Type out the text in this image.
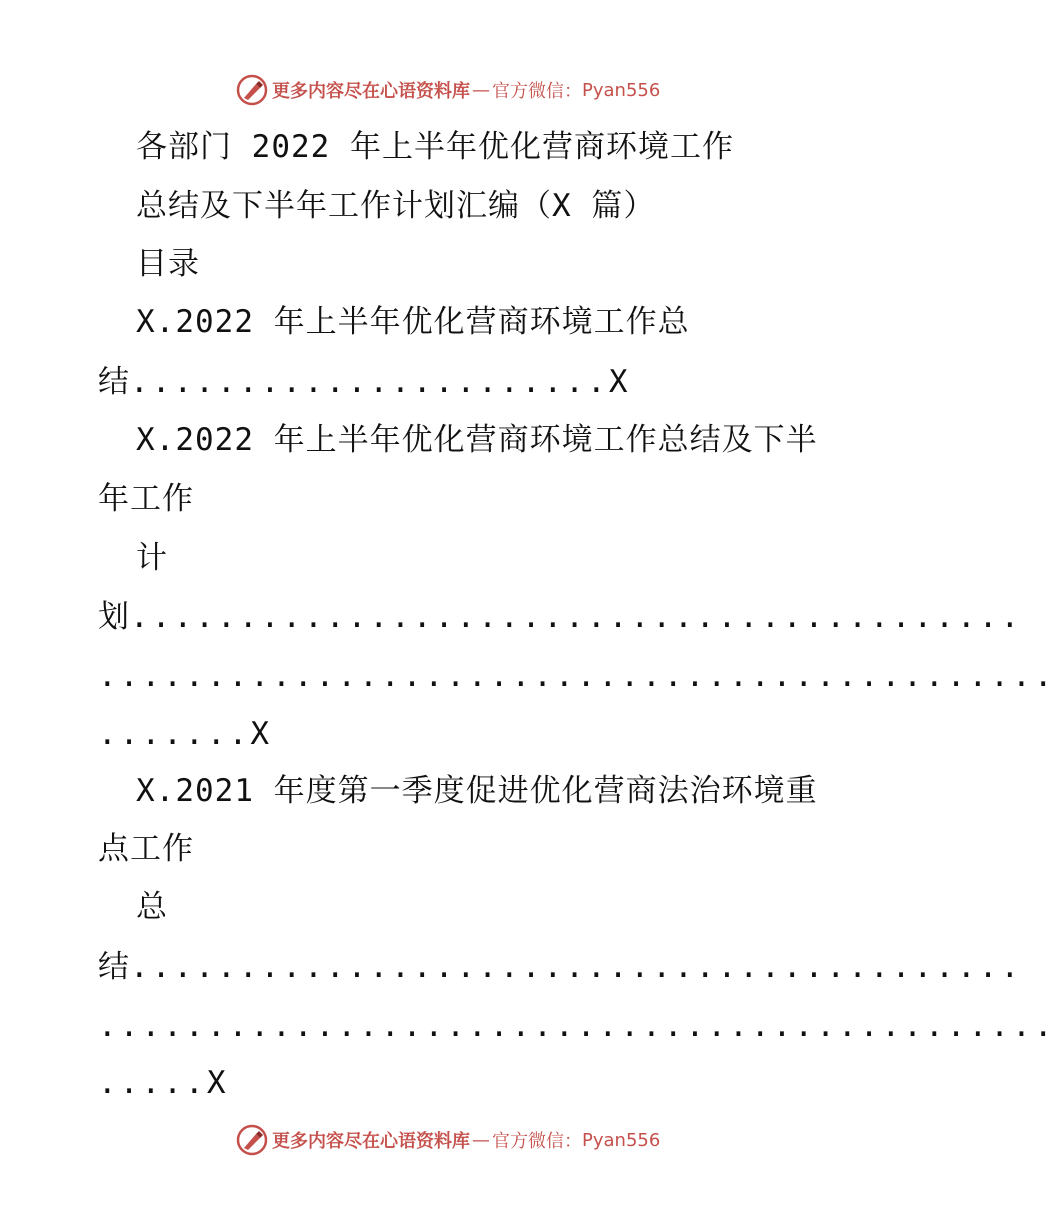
更多内容尽在心语资料库 — 官方微信： Pyan556
各部门 2022 年上半年优化营商环境工作
总结及下半年工作计划汇编（X 篇）
目录
X.2022 年上半年优化营商环境工作总
结......................X
X.2022 年上半年优化营商环境工作总结及下半
年工作
计
划.........................................
............................................
.......X
X.2021 年度第一季度促进优化营商法治环境重
点工作
总
结.........................................
............................................
.....X
更多内容尽在心语资料库 — 官方微信： Pyan556
